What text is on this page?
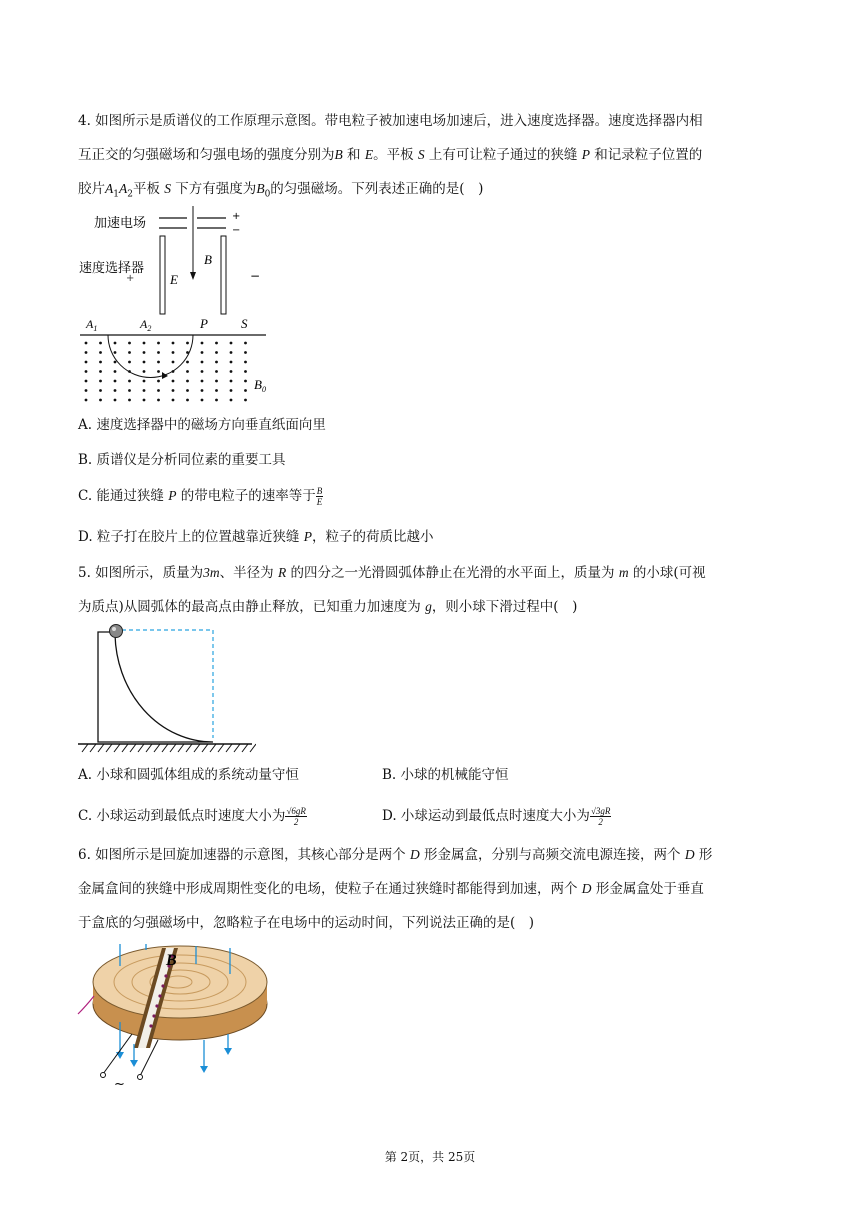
4. 如图所示是质谱仪的工作原理示意图。带电粒子被加速电场加速后，进入速度选择器。速度选择器内相
互正交的匀强磁场和匀强电场的强度分别为B 和 E。平板 S 上有可让粒子通过的狭缝 P 和记录粒子位置的
胶片$A_1A_2$平板 S 下方有强度为$B_0$的匀强磁场。下列表述正确的是(　)
加速电场	+
−
速度选择器
+	E
B
−
$A_1$	$A_2$	P	S
$B_0$
A. 速度选择器中的磁场方向垂直纸面向里
B. 质谱仪是分析同位素的重要工具
C. 能通过狭缝 P 的带电粒子的速率等于 $\frac{B}{E}$
D. 粒子打在胶片上的位置越靠近狭缝 P，粒子的荷质比越小
5. 如图所示，质量为3m、半径为 R 的四分之一光滑圆弧体静止在光滑的水平面上，质量为 m 的小球(可视
为质点)从圆弧体的最高点由静止释放，已知重力加速度为 g，则小球下滑过程中(　)
A. 小球和圆弧体组成的系统动量守恒	B. 小球的机械能守恒
C. 小球运动到最低点时速度大小为 $\frac{√6gR}{2}$	D. 小球运动到最低点时速度大小为 $\frac{√3gR}{2}$
6. 如图所示是回旋加速器的示意图，其核心部分是两个 D 形金属盒，分别与高频交流电源连接，两个 D 形
金属盒间的狭缝中形成周期性变化的电场，使粒子在通过狭缝时都能得到加速，两个 D 形金属盒处于垂直
于盒底的匀强磁场中，忽略粒子在电场中的运动时间，下列说法正确的是(　)
B
~
第 2页，共 25页
